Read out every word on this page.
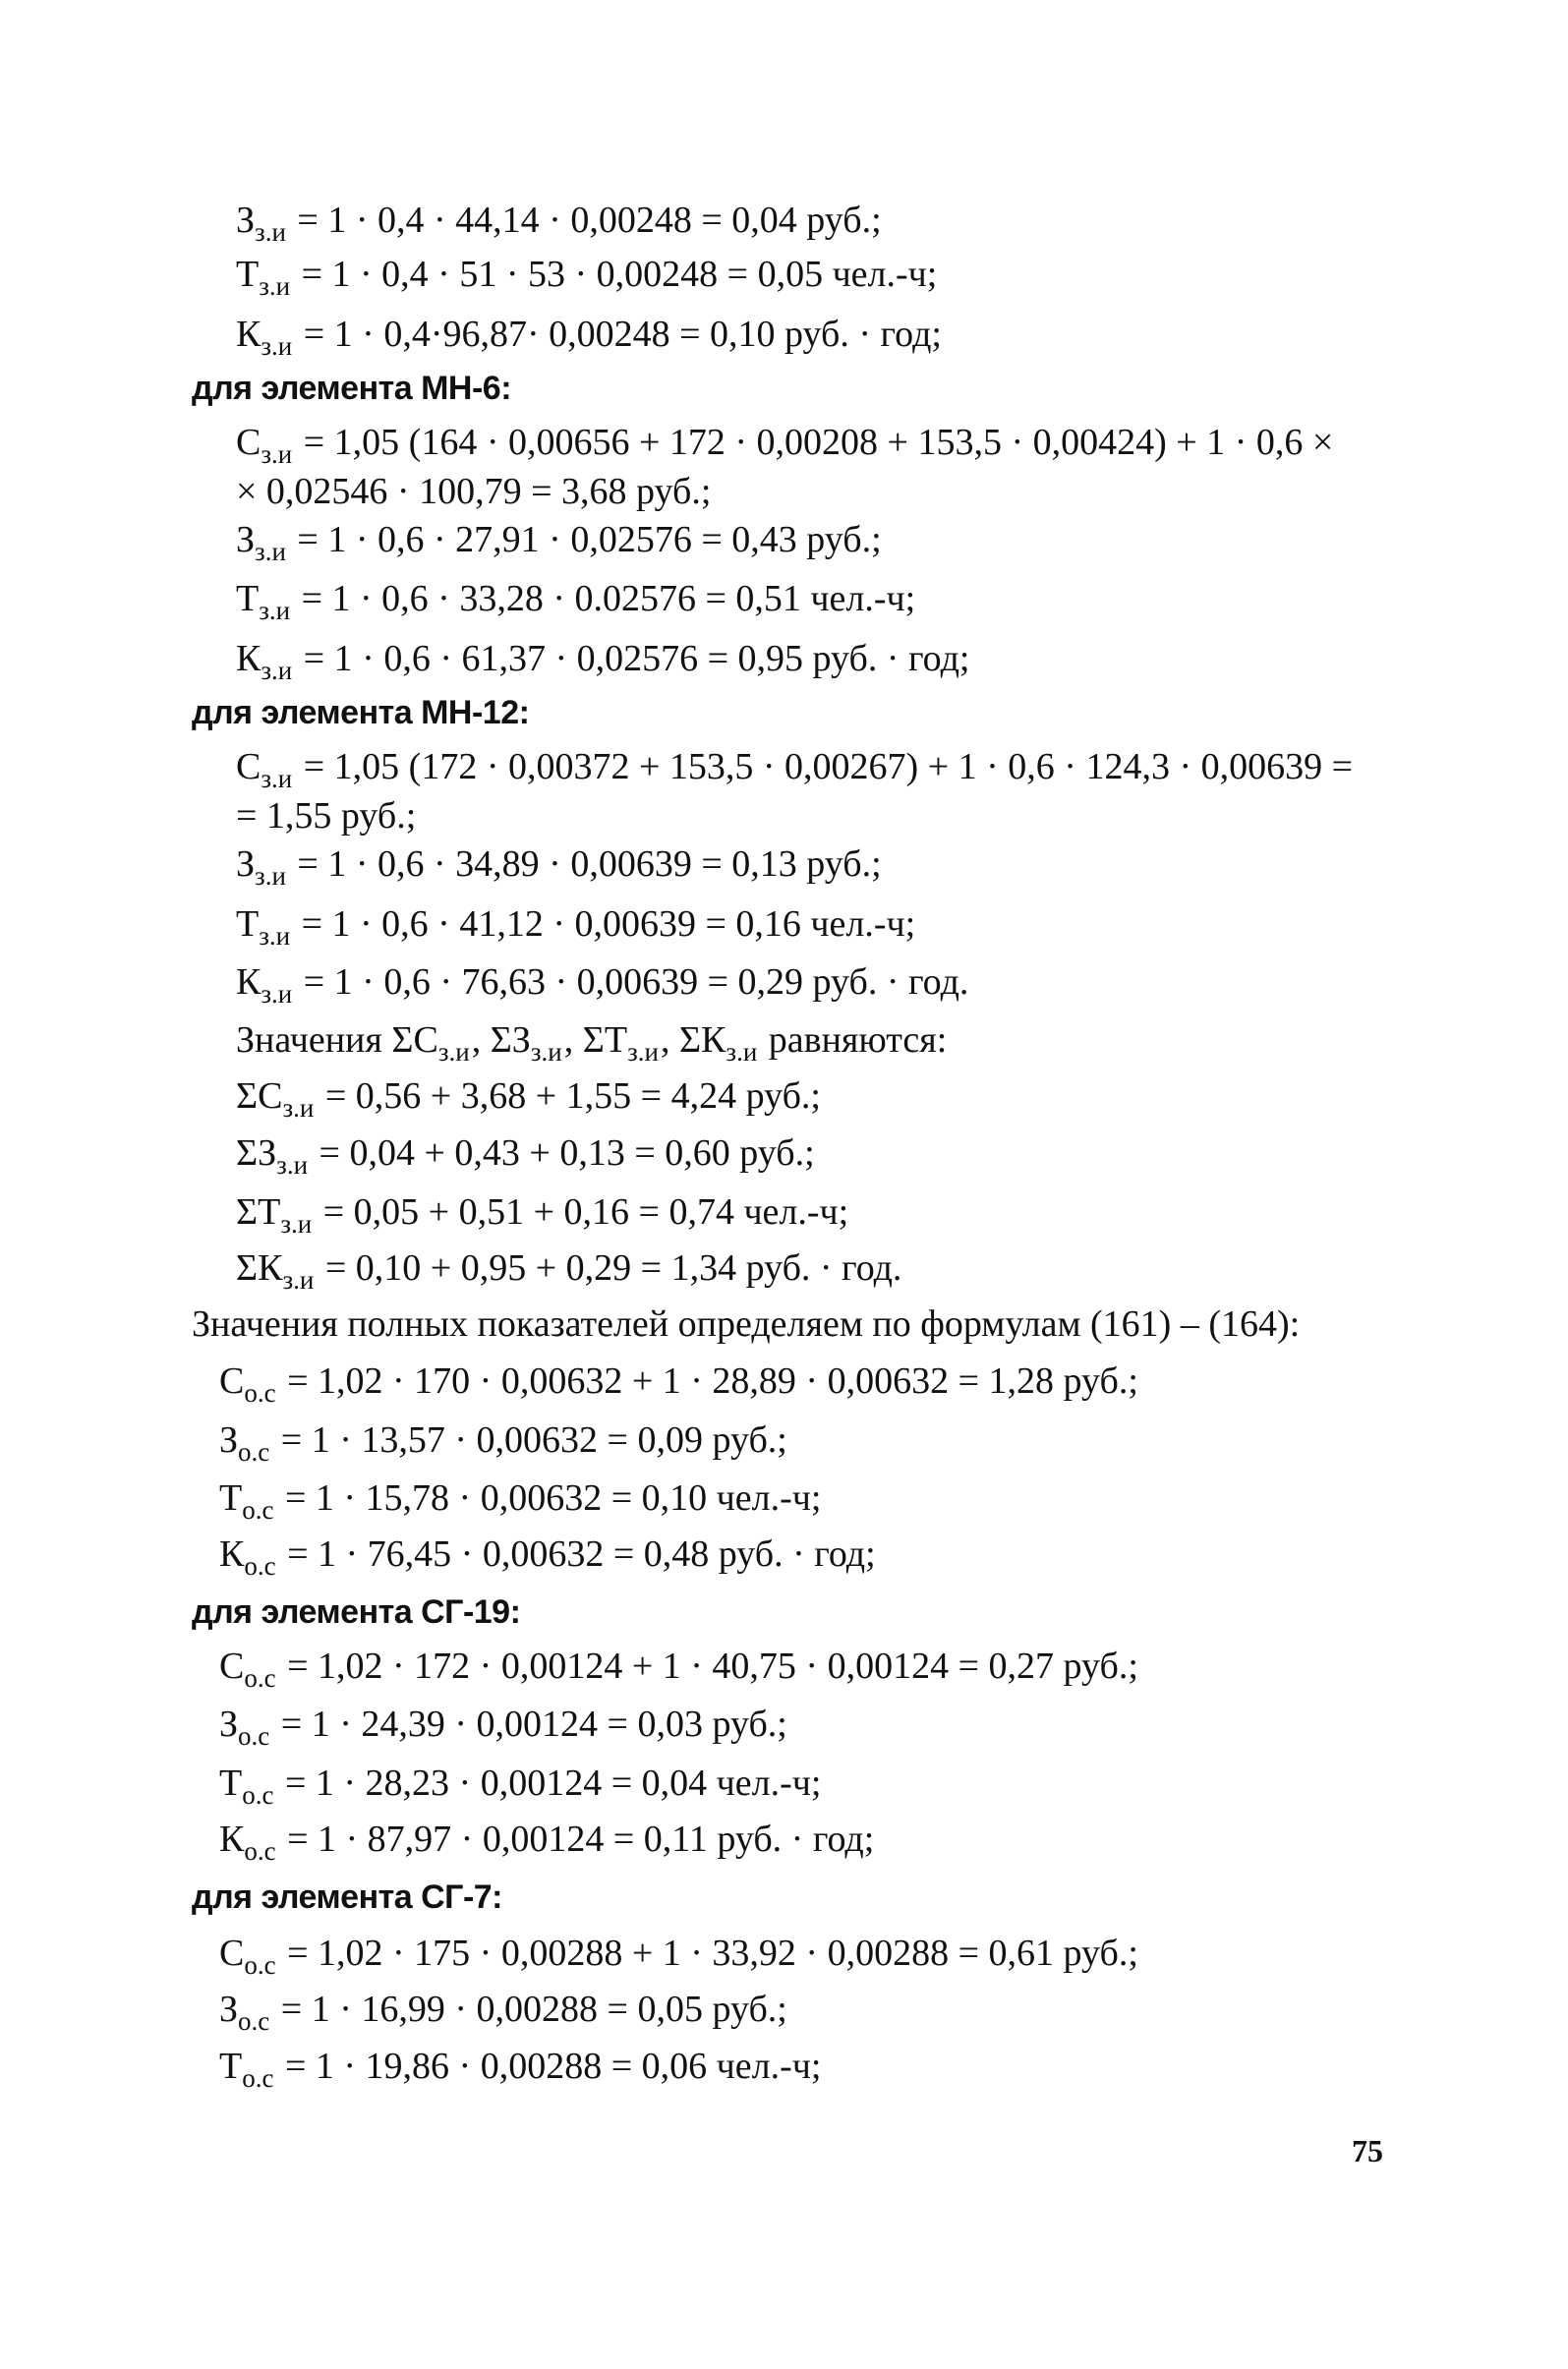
$З_{з.и} = 1 \cdot 0,4 \cdot 44,14 \cdot 0,00248 = 0,04$ руб.;
$Т_{з.и} = 1 \cdot 0,4 \cdot 51 \cdot 53 \cdot 0,00248 = 0,05$ чел.-ч;
$К_{з.и} = 1 \cdot 0,4\cdot 96,87\cdot 0,00248 = 0,10$ руб. · год;
для элемента МН-6:
$С_{з.и} = 1,05$ (164 · 0,00656 + 172 · 0,00208 + 153,5 · 0,00424) + 1 · 0,6 ×
× 0,02546 · 100,79 = 3,68 руб.;
$З_{з.и} = 1 \cdot 0,6 \cdot 27,91 \cdot 0,02576 = 0,43$ руб.;
$Т_{з.и} = 1 \cdot 0,6 \cdot 33,28 \cdot 0.02576 = 0,51$ чел.-ч;
$К_{з.и} = 1 \cdot 0,6 \cdot 61,37 \cdot 0,02576 = 0,95$ руб. · год;
для элемента МН-12:
$С_{з.и} = 1,05$ (172 · 0,00372 + 153,5 · 0,00267) + 1 · 0,6 · 124,3 · 0,00639 =
= 1,55 руб.;
$З_{з.и} = 1 \cdot 0,6 \cdot 34,89 \cdot 0,00639 = 0,13$ руб.;
$Т_{з.и} = 1 \cdot 0,6 \cdot 41,12 \cdot 0,00639 = 0,16$ чел.-ч;
$К_{з.и} = 1 \cdot 0,6 \cdot 76,63 \cdot 0,00639 = 0,29$ руб. · год.
Значения $\Sigma С_{з.и}$, $\Sigma З_{з.и}$, $\Sigma Т_{з.и}$, $\Sigma К_{з.и}$ равняются:
$\Sigma С_{з.и} = 0,56 + 3,68 + 1,55 = 4,24$ руб.;
$\Sigma З_{з.и} = 0,04 + 0,43 + 0,13 = 0,60$ руб.;
$\Sigma Т_{з.и} = 0,05 + 0,51 + 0,16 = 0,74$ чел.-ч;
$\Sigma К_{з.и} = 0,10 + 0,95 + 0,29 = 1,34$ руб. · год.
Значения полных показателей определяем по формулам (161) – (164):
$С_{о.с} = 1,02 \cdot 170 \cdot 0,00632 + 1 \cdot 28,89 \cdot 0,00632 = 1,28$ руб.;
$З_{о.с} = 1 \cdot 13,57 \cdot 0,00632 = 0,09$ руб.;
$Т_{о.с} = 1 \cdot 15,78 \cdot 0,00632 = 0,10$ чел.-ч;
$К_{о.с} = 1 \cdot 76,45 \cdot 0,00632 = 0,48$ руб. · год;
для элемента СГ-19:
$С_{о.с} = 1,02 \cdot 172 \cdot 0,00124 + 1 \cdot 40,75 \cdot 0,00124 = 0,27$ руб.;
$З_{о.с} = 1 \cdot 24,39 \cdot 0,00124 = 0,03$ руб.;
$Т_{о.с} = 1 \cdot 28,23 \cdot 0,00124 = 0,04$ чел.-ч;
$К_{о.с} = 1 \cdot 87,97 \cdot 0,00124 = 0,11$ руб. · год;
для элемента СГ-7:
$С_{о.с} = 1,02 \cdot 175 \cdot 0,00288 + 1 \cdot 33,92 \cdot 0,00288 = 0,61$ руб.;
$З_{о.с} = 1 \cdot 16,99 \cdot 0,00288 = 0,05$ руб.;
$Т_{о.с} = 1 \cdot 19,86 \cdot 0,00288 = 0,06$ чел.-ч;
75
